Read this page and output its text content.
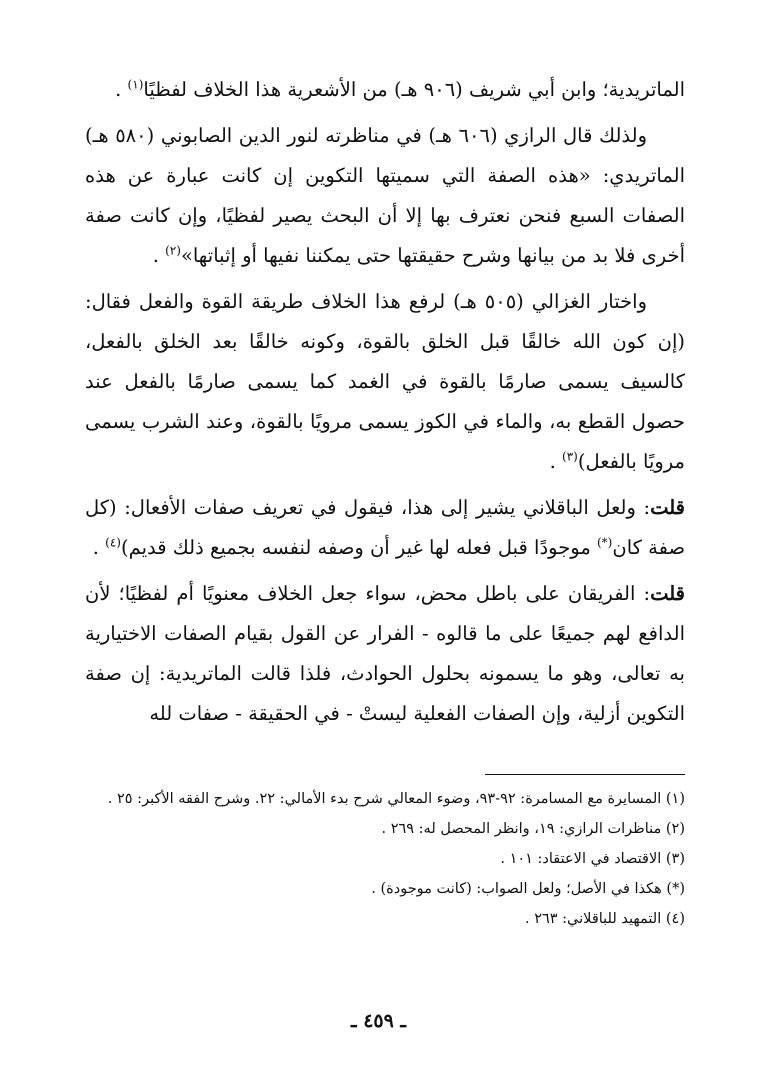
الماتريدية؛ وابن أبي شريف (٩٠٦ هـ) من الأشعرية هذا الخلاف لفظيًا$^{(١)}$ .

ولذلك قال الرازي (٦٠٦ هـ) في مناظرته لنور الدين الصابوني (٥٨٠ هـ) الماتريدي: «هذه الصفة التي سميتها التكوين إن كانت عبارة عن هذه الصفات السبع فنحن نعترف بها إلا أن البحث يصير لفظيًا، وإن كانت صفة أخرى فلا بد من بيانها وشرح حقيقتها حتى يمكننا نفيها أو إثباتها»$^{(٢)}$ .

واختار الغزالي (٥٠٥ هـ) لرفع هذا الخلاف طريقة القوة والفعل فقال: (إن كون الله خالقًا قبل الخلق بالقوة، وكونه خالقًا بعد الخلق بالفعل، كالسيف يسمى صارمًا بالقوة في الغمد كما يسمى صارمًا بالفعل عند حصول القطع به، والماء في الكوز يسمى مرويًا بالقوة، وعند الشرب يسمى مرويًا بالفعل)$^{(٣)}$ .

قلت: ولعل الباقلاني يشير إلى هذا، فيقول في تعريف صفات الأفعال: (كل صفة كان(*) موجودًا قبل فعله لها غير أن وصفه لنفسه بجميع ذلك قديم)$^{(٤)}$ .

قلت: الفريقان على باطل محض، سواء جعل الخلاف معنويًا أم لفظيًا؛ لأن الدافع لهم جميعًا على ما قالوه - الفرار عن القول بقيام الصفات الاختيارية به تعالى، وهو ما يسمونه بحلول الحوادث، فلذا قالت الماتريدية: إن صفة التكوين أزلية، وإن الصفات الفعلية ليستْ - في الحقيقة - صفات لله

(١) المسايرة مع المسامرة: ٩٢-٩٣، وضوء المعالي شرح بدء الأمالي: ٢٢. وشرح الفقه الأكبر: ٢٥ .

(٢) مناظرات الرازي: ١٩، وانظر المحصل له: ٢٦٩ .

(٣) الاقتصاد في الاعتقاد: ١٠١ .

(*) هكذا في الأصل؛ ولعل الصواب: (كانت موجودة) .

(٤) التمهيد للباقلاني: ٢٦٣ .

ـ ٤٥٩ ـ
